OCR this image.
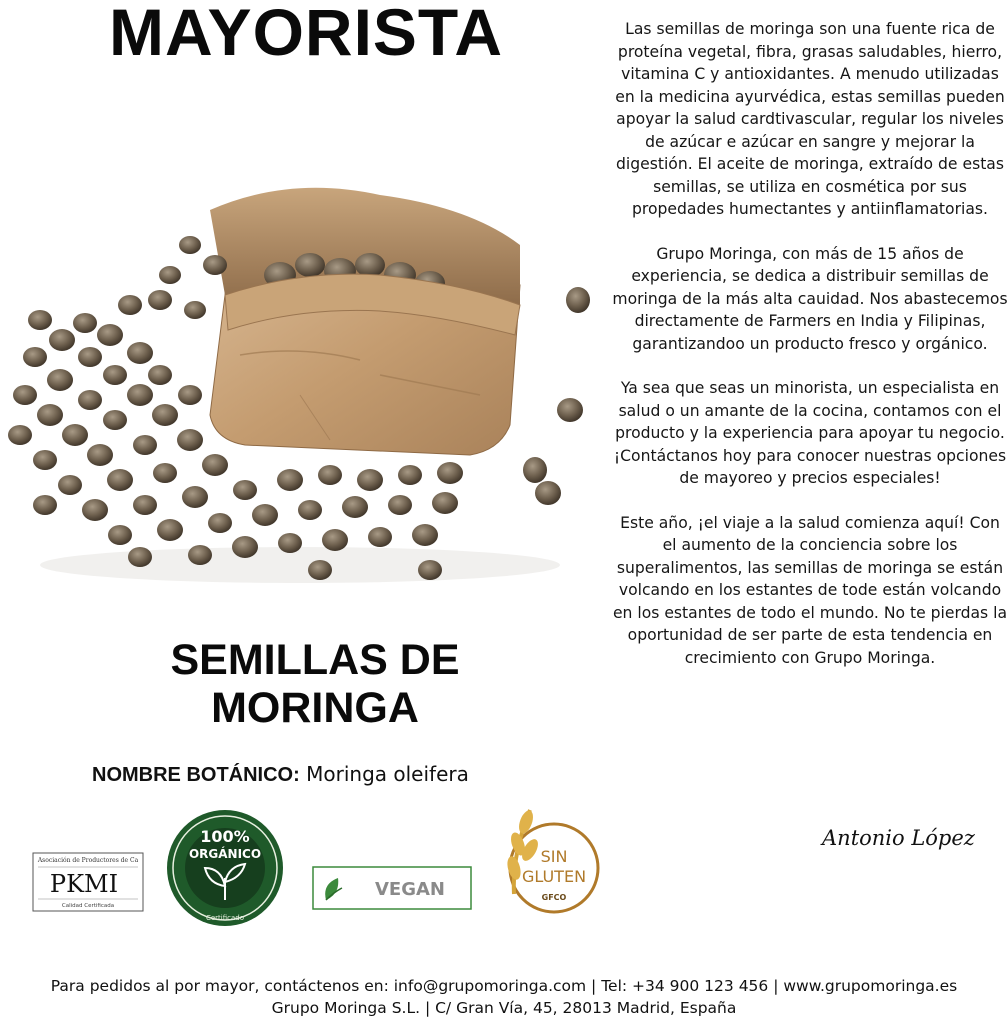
MAYORISTA
SEMILLAS DE
MORINGA
NOMBRE BOTÁNICO: Moringa oleifera

Las semillas de moringa son una fuente rica de proteína vegetal, fibra, grasas saludables, hierro, vitamina C y antioxidantes. A menudo utilizadas en la medicina ayurvédica, estas semillas pueden apoyar la salud cardtivascular, regular los niveles de azúcar e azúcar en sangre y mejorar la digestión. El aceite de moringa, extraído de estas semillas, se utiliza en cosmética por sus propedades humectantes y antiinflamatorias.

Grupo Moringa, con más de 15 años de experiencia, se dedica a distribuir semillas de moringa de la más alta cauidad. Nos abastecemos directamente de Farmers en India y Filipinas, garantizandoo un producto fresco y orgánico.

Ya sea que seas un minorista, un especialista en salud o un amante de la cocina, contamos con el producto y la experiencia para apoyar tu negocio. ¡Contáctanos hoy para conocer nuestras opciones de mayoreo y precios especiales!

Este año, ¡el viaje a la salud comienza aquí! Con el aumento de la conciencia sobre los superalimentos, las semillas de moringa se están volcando en los estantes de tode están volcando en los estantes de todo el mundo. No te pierdas la oportunidad de ser parte de esta tendencia en crecimiento con Grupo Moringa.

Antonio López
Asociación de Productores de Ca
PKMI
Calidad Certificada
100%
ORGÁNICO
Certificado
VEGAN
SIN
GLUTEN
GFCO
Para pedidos al por mayor, contáctenos en: info@grupomoringa.com | Tel: +34 900 123 456 | www.grupomoringa.es
Grupo Moringa S.L. | C/ Gran Vía, 45, 28013 Madrid, España
